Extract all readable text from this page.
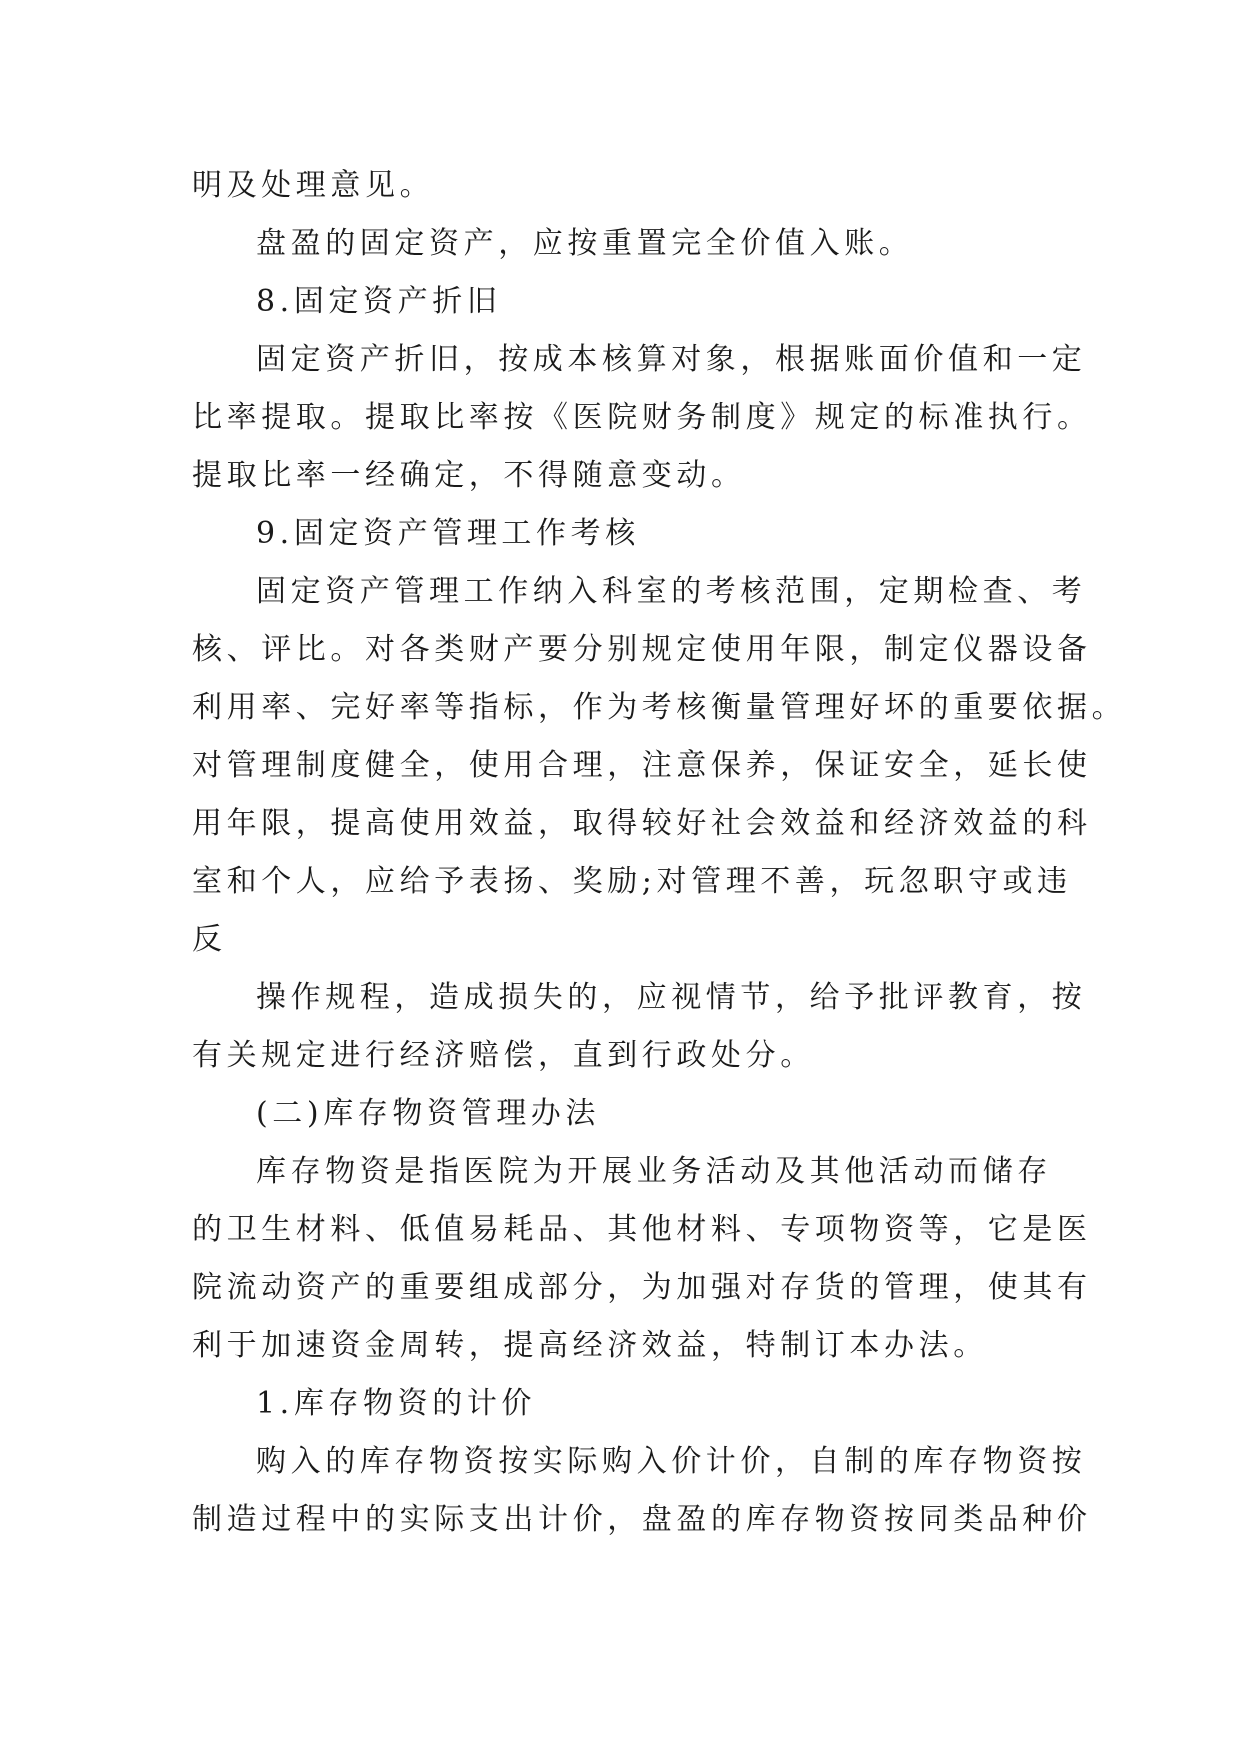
明及处理意见。
盘盈的固定资产，应按重置完全价值入账。
8.固定资产折旧
固定资产折旧，按成本核算对象，根据账面价值和一定
比率提取。提取比率按《医院财务制度》规定的标准执行。
提取比率一经确定，不得随意变动。
9.固定资产管理工作考核
固定资产管理工作纳入科室的考核范围，定期检查、考
核、评比。对各类财产要分别规定使用年限，制定仪器设备
利用率、完好率等指标，作为考核衡量管理好坏的重要依据。
对管理制度健全，使用合理，注意保养，保证安全，延长使
用年限，提高使用效益，取得较好社会效益和经济效益的科
室和个人，应给予表扬、奖励;对管理不善，玩忽职守或违
反
操作规程，造成损失的，应视情节，给予批评教育，按
有关规定进行经济赔偿，直到行政处分。
(二)库存物资管理办法
库存物资是指医院为开展业务活动及其他活动而储存
的卫生材料、低值易耗品、其他材料、专项物资等，它是医
院流动资产的重要组成部分，为加强对存货的管理，使其有
利于加速资金周转，提高经济效益，特制订本办法。
1.库存物资的计价
购入的库存物资按实际购入价计价，自制的库存物资按
制造过程中的实际支出计价，盘盈的库存物资按同类品种价
